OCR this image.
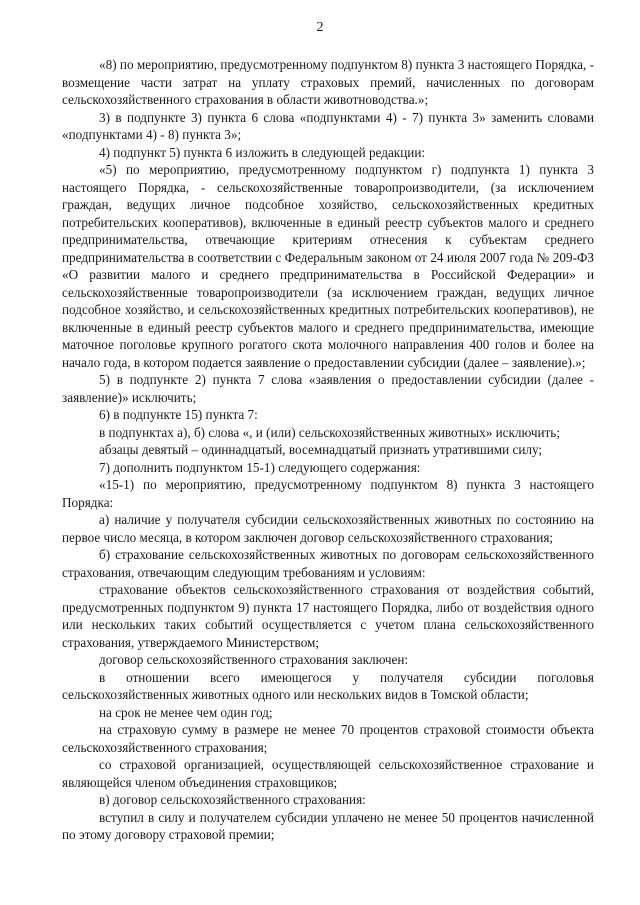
2

«8) по мероприятию, предусмотренному подпунктом 8) пункта 3 настоящего Порядка, - возмещение части затрат на уплату страховых премий, начисленных по договорам сельскохозяйственного страхования в области животноводства.»;

3) в подпункте 3) пункта 6 слова «подпунктами 4) - 7) пункта 3» заменить словами «подпунктами 4) - 8) пункта 3»;

4) подпункт 5) пункта 6 изложить в следующей редакции:

«5) по мероприятию, предусмотренному подпунктом г) подпункта 1) пункта 3 настоящего Порядка, - сельскохозяйственные товаропроизводители, (за исключением граждан, ведущих личное подсобное хозяйство, сельскохозяйственных кредитных потребительских кооперативов), включенные в единый реестр субъектов малого и среднего предпринимательства, отвечающие критериям отнесения к субъектам среднего предпринимательства в соответствии с Федеральным законом от 24 июля 2007 года № 209-ФЗ «О развитии малого и среднего предпринимательства в Российской Федерации» и сельскохозяйственные товаропроизводители (за исключением граждан, ведущих личное подсобное хозяйство, и сельскохозяйственных кредитных потребительских кооперативов), не включенные в единый реестр субъектов малого и среднего предпринимательства, имеющие маточное поголовье крупного рогатого скота молочного направления 400 голов и более на начало года, в котором подается заявление о предоставлении субсидии (далее – заявление).»;

5) в подпункте 2) пункта 7 слова «заявления о предоставлении субсидии (далее - заявление)» исключить;

6) в подпункте 15) пункта 7:

в подпунктах а), б) слова «, и (или) сельскохозяйственных животных» исключить;

абзацы девятый – одиннадцатый, восемнадцатый признать утратившими силу;

7) дополнить подпунктом 15-1) следующего содержания:

«15-1) по мероприятию, предусмотренному подпунктом 8) пункта 3 настоящего Порядка:

а) наличие у получателя субсидии сельскохозяйственных животных по состоянию на первое число месяца, в котором заключен договор сельскохозяйственного страхования;

б) страхование сельскохозяйственных животных по договорам сельскохозяйственного страхования, отвечающим следующим требованиям и условиям:

страхование объектов сельскохозяйственного страхования от воздействия событий, предусмотренных подпунктом 9) пункта 17 настоящего Порядка, либо от воздействия одного или нескольких таких событий осуществляется с учетом плана сельскохозяйственного страхования, утверждаемого Министерством;

договор сельскохозяйственного страхования заключен:

в отношении всего имеющегося у получателя субсидии поголовья сельскохозяйственных животных одного или нескольких видов в Томской области;

на срок не менее чем один год;

на страховую сумму в размере не менее 70 процентов страховой стоимости объекта сельскохозяйственного страхования;

со страховой организацией, осуществляющей сельскохозяйственное страхование и являющейся членом объединения страховщиков;

в) договор сельскохозяйственного страхования:

вступил в силу и получателем субсидии уплачено не менее 50 процентов начисленной по этому договору страховой премии;
